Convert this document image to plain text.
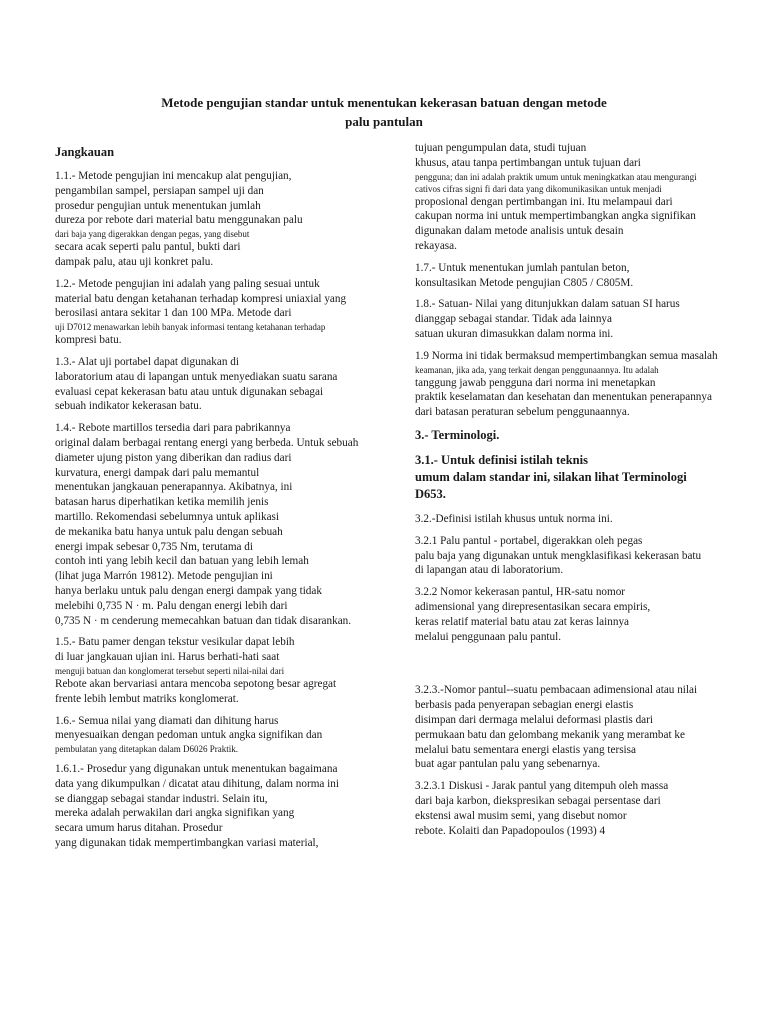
Metode pengujian standar untuk menentukan kekerasan batuan dengan metode
palu pantulan
Jangkauan
1.1.- Metode pengujian ini mencakup alat pengujian,
pengambilan sampel, persiapan sampel uji dan
prosedur pengujian untuk menentukan jumlah
dureza por rebote dari material batu menggunakan palu
dari baja yang digerakkan dengan pegas, yang disebut
secara acak seperti palu pantul, bukti dari
dampak palu, atau uji konkret palu.
1.2.- Metode pengujian ini adalah yang paling sesuai untuk
material batu dengan ketahanan terhadap kompresi uniaxial yang
berosilasi antara sekitar 1 dan 100 MPa. Metode dari
uji D7012 menawarkan lebih banyak informasi tentang ketahanan terhadap
kompresi batu.
1.3.- Alat uji portabel dapat digunakan di
laboratorium atau di lapangan untuk menyediakan suatu sarana
evaluasi cepat kekerasan batu atau untuk digunakan sebagai
sebuah indikator kekerasan batu.
1.4.- Rebote martillos tersedia dari para pabrikannya
original dalam berbagai rentang energi yang berbeda. Untuk sebuah
diameter ujung piston yang diberikan dan radius dari
kurvatura, energi dampak dari palu memantul
menentukan jangkauan penerapannya. Akibatnya, ini
batasan harus diperhatikan ketika memilih jenis
martillo. Rekomendasi sebelumnya untuk aplikasi
de mekanika batu hanya untuk palu dengan sebuah
energi impak sebesar 0,735 Nm, terutama di
contoh inti yang lebih kecil dan batuan yang lebih lemah
(lihat juga Marrón 19812). Metode pengujian ini
hanya berlaku untuk palu dengan energi dampak yang tidak
melebihi 0,735 N · m. Palu dengan energi lebih dari
0,735 N · m cenderung memecahkan batuan dan tidak disarankan.
1.5.- Batu pamer dengan tekstur vesikular dapat lebih
di luar jangkauan ujian ini. Harus berhati-hati saat
menguji batuan dan konglomerat tersebut seperti nilai-nilai dari
Rebote akan bervariasi antara mencoba sepotong besar agregat
frente lebih lembut matriks konglomerat.
1.6.- Semua nilai yang diamati dan dihitung harus
menyesuaikan dengan pedoman untuk angka signifikan dan
pembulatan yang ditetapkan dalam D6026 Praktik.
1.6.1.- Prosedur yang digunakan untuk menentukan bagaimana
data yang dikumpulkan / dicatat atau dihitung, dalam norma ini
se dianggap sebagai standar industri. Selain itu,
mereka adalah perwakilan dari angka signifikan yang
secara umum harus ditahan. Prosedur
yang digunakan tidak mempertimbangkan variasi material,
tujuan pengumpulan data, studi tujuan
khusus, atau tanpa pertimbangan untuk tujuan dari
pengguna; dan ini adalah praktik umum untuk meningkatkan atau mengurangi
cativos cifras signi fi dari data yang dikomunikasikan untuk menjadi
proposional dengan pertimbangan ini. Itu melampaui dari
cakupan norma ini untuk mempertimbangkan angka signifikan
digunakan dalam metode analisis untuk desain
rekayasa.
1.7.- Untuk menentukan jumlah pantulan beton,
konsultasikan Metode pengujian C805 / C805M.
1.8.- Satuan- Nilai yang ditunjukkan dalam satuan SI harus
dianggap sebagai standar. Tidak ada lainnya
satuan ukuran dimasukkan dalam norma ini.
1.9 Norma ini tidak bermaksud mempertimbangkan semua masalah
keamanan, jika ada, yang terkait dengan penggunaannya. Itu adalah
tanggung jawab pengguna dari norma ini menetapkan
praktik keselamatan dan kesehatan dan menentukan penerapannya
dari batasan peraturan sebelum penggunaannya.
3.- Terminologi.
3.1.- Untuk definisi istilah teknis
umum dalam standar ini, silakan lihat Terminologi
D653.
3.2.-Definisi istilah khusus untuk norma ini.
3.2.1 Palu pantul - portabel, digerakkan oleh pegas
palu baja yang digunakan untuk mengklasifikasi kekerasan batu
di lapangan atau di laboratorium.
3.2.2 Nomor kekerasan pantul, HR-satu nomor
adimensional yang direpresentasikan secara empiris,
keras relatif material batu atau zat keras lainnya
melalui penggunaan palu pantul.
3.2.3.-Nomor pantul--suatu pembacaan adimensional atau nilai
berbasis pada penyerapan sebagian energi elastis
disimpan dari dermaga melalui deformasi plastis dari
permukaan batu dan gelombang mekanik yang merambat ke
melalui batu sementara energi elastis yang tersisa
buat agar pantulan palu yang sebenarnya.
3.2.3.1 Diskusi - Jarak pantul yang ditempuh oleh massa
dari baja karbon, diekspresikan sebagai persentase dari
ekstensi awal musim semi, yang disebut nomor
rebote. Kolaiti dan Papadopoulos (1993) 4
